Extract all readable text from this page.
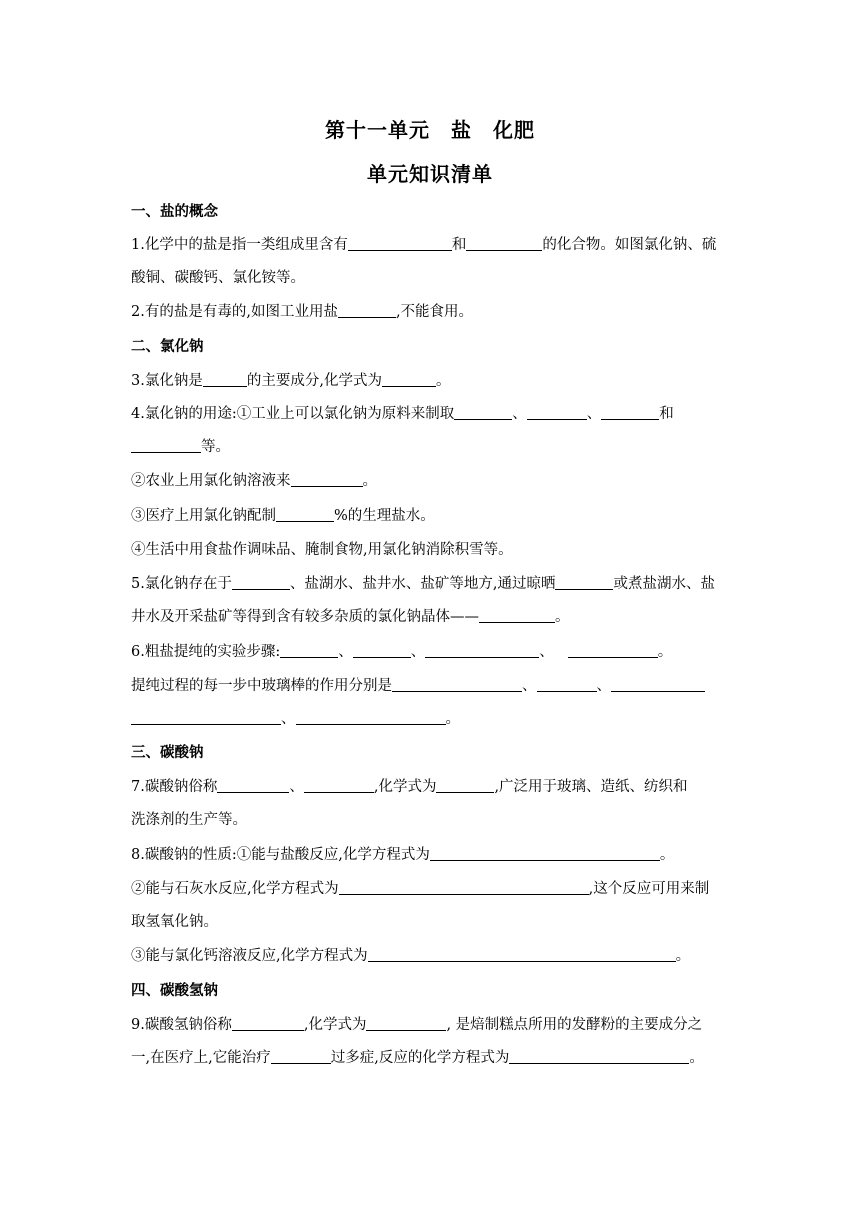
第十一单元　盐　化肥
单元知识清单
一、盐的概念
1.化学中的盐是指一类组成里含有	和	的化合物。如图氯化钠、硫
酸铜、碳酸钙、氯化铵等。
2.有的盐是有毒的,如图工业用盐	,不能食用。
二、氯化钠
3.氯化钠是	的主要成分,化学式为	。
4.氯化钠的用途:①工业上可以氯化钠为原料来制取	、	、	和
等。
②农业上用氯化钠溶液来	。
③医疗上用氯化钠配制	%的生理盐水。
④生活中用食盐作调味品、腌制食物,用氯化钠消除积雪等。
5.氯化钠存在于	、盐湖水、盐井水、盐矿等地方,通过晾晒	或煮盐湖水、盐
井水及开采盐矿等得到含有较多杂质的氯化钠晶体——	。
6.粗盐提纯的实验步骤:	、	、	、	。
提纯过程的每一步中玻璃棒的作用分别是	、	、
、	。
三、碳酸钠
7.碳酸钠俗称	、	,化学式为	,广泛用于玻璃、造纸、纺织和
洗涤剂的生产等。
8.碳酸钠的性质:①能与盐酸反应,化学方程式为	。
②能与石灰水反应,化学方程式为	,这个反应可用来制
取氢氧化钠。
③能与氯化钙溶液反应,化学方程式为	。
四、碳酸氢钠
9.碳酸氢钠俗称	,化学式为	, 是焙制糕点所用的发酵粉的主要成分之
一,在医疗上,它能治疗	过多症,反应的化学方程式为	。
